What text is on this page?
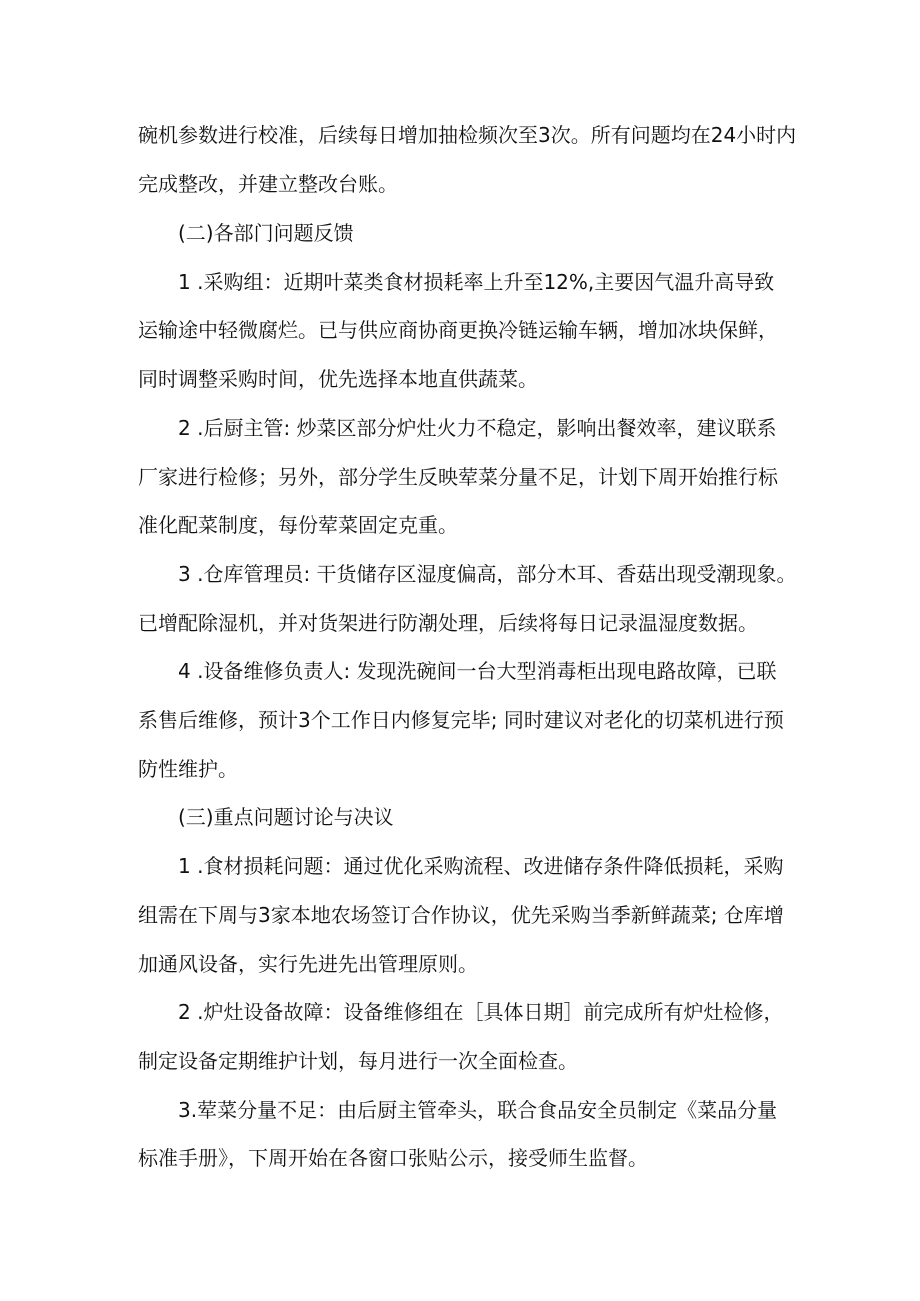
碗机参数进行校准，后续每日增加抽检频次至3次。所有问题均在24小时内
完成整改，并建立整改台账。
(二)各部门问题反馈
1 .采购组：近期叶菜类食材损耗率上升至12%,主要因气温升高导致
运输途中轻微腐烂。已与供应商协商更换冷链运输车辆，增加冰块保鲜，
同时调整采购时间，优先选择本地直供蔬菜。
2 .后厨主管: 炒菜区部分炉灶火力不稳定，影响出餐效率，建议联系
厂家进行检修；另外，部分学生反映荤菜分量不足，计划下周开始推行标
准化配菜制度，每份荤菜固定克重。
3 .仓库管理员: 干货储存区湿度偏高，部分木耳、香菇出现受潮现象。
已增配除湿机，并对货架进行防潮处理，后续将每日记录温湿度数据。
4 .设备维修负责人: 发现洗碗间一台大型消毒柜出现电路故障，已联
系售后维修，预计3个工作日内修复完毕; 同时建议对老化的切菜机进行预
防性维护。
(三)重点问题讨论与决议
1 .食材损耗问题：通过优化采购流程、改进储存条件降低损耗，采购
组需在下周与3家本地农场签订合作协议，优先采购当季新鲜蔬菜; 仓库增
加通风设备，实行先进先出管理原则。
2 .炉灶设备故障：设备维修组在［具体日期］前完成所有炉灶检修，
制定设备定期维护计划，每月进行一次全面检查。
3.荤菜分量不足：由后厨主管牵头，联合食品安全员制定《菜品分量
标准手册》，下周开始在各窗口张贴公示，接受师生监督。
